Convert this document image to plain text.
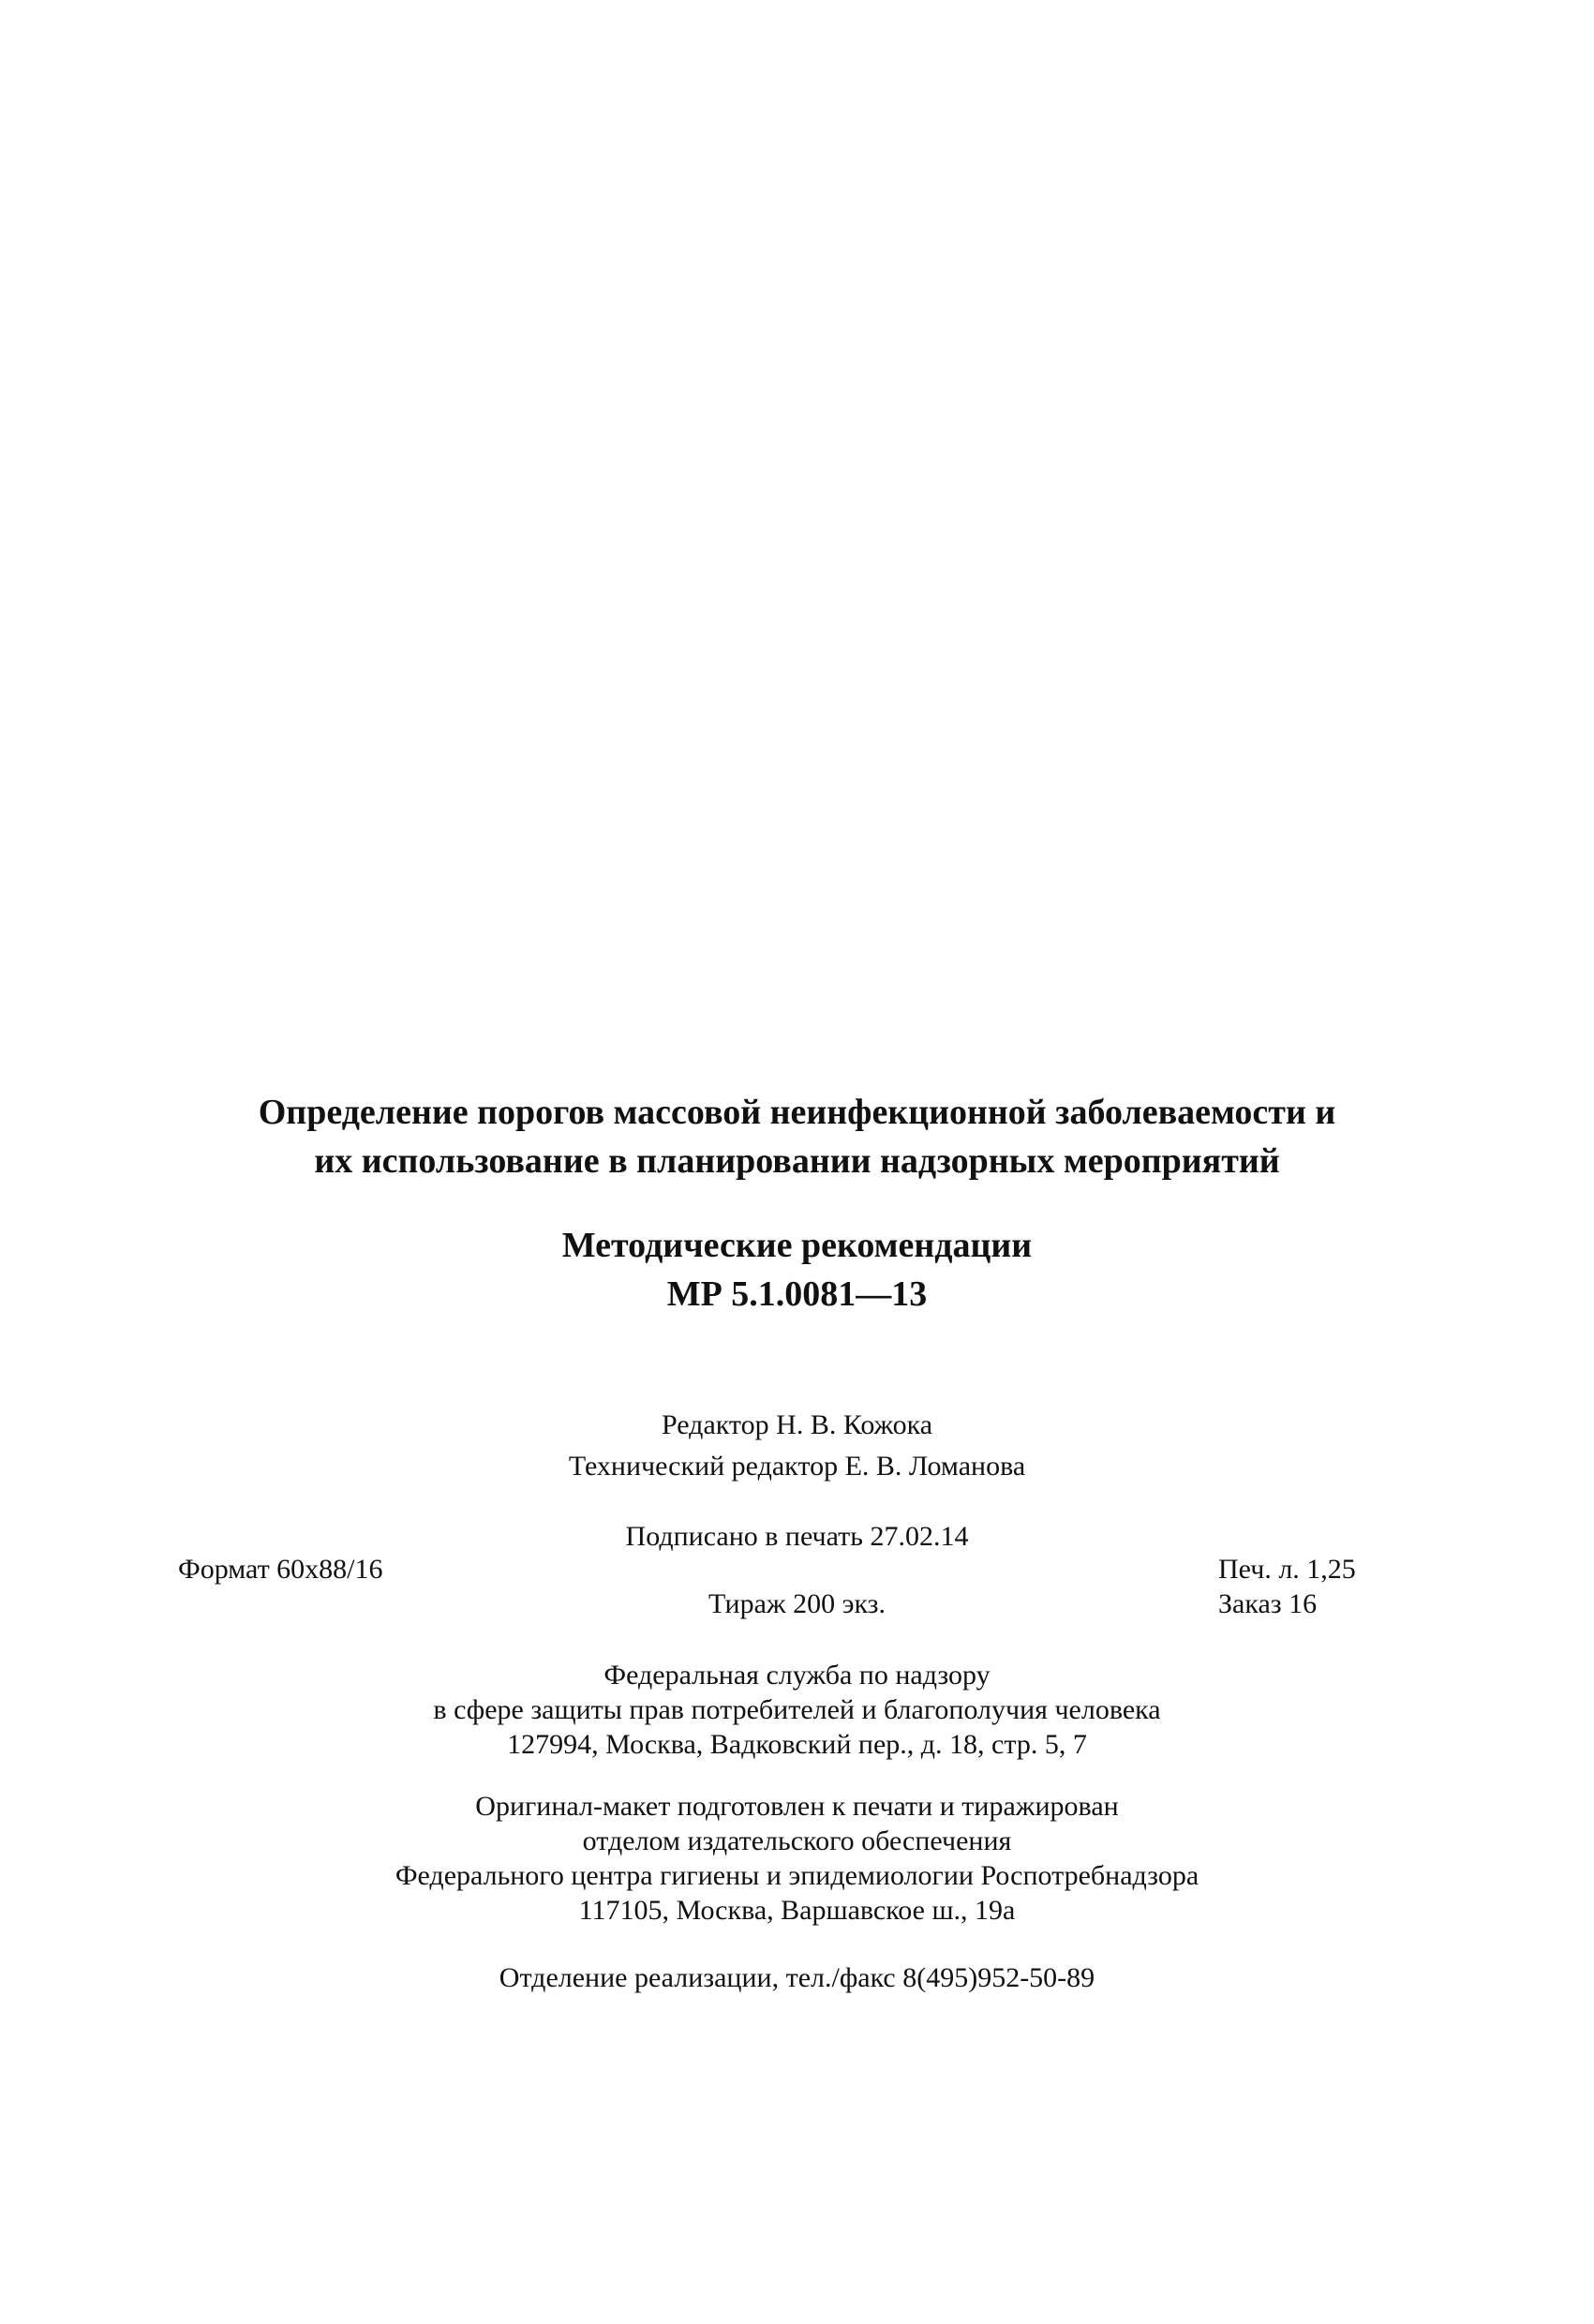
Определение порогов массовой неинфекционной заболеваемости и
их использование в планировании надзорных мероприятий
Методические рекомендации
МР 5.1.0081—13
Редактор Н. В. Кожока
Технический редактор Е. В. Ломанова
Подписано в печать 27.02.14
Формат 60x88/16	Печ. л. 1,25
Тираж 200 экз.	Заказ 16
Федеральная служба по надзору
в сфере защиты прав потребителей и благополучия человека
127994, Москва, Вадковский пер., д. 18, стр. 5, 7
Оригинал-макет подготовлен к печати и тиражирован
отделом издательского обеспечения
Федерального центра гигиены и эпидемиологии Роспотребнадзора
117105, Москва, Варшавское ш., 19а
Отделение реализации, тел./факс 8(495)952-50-89
